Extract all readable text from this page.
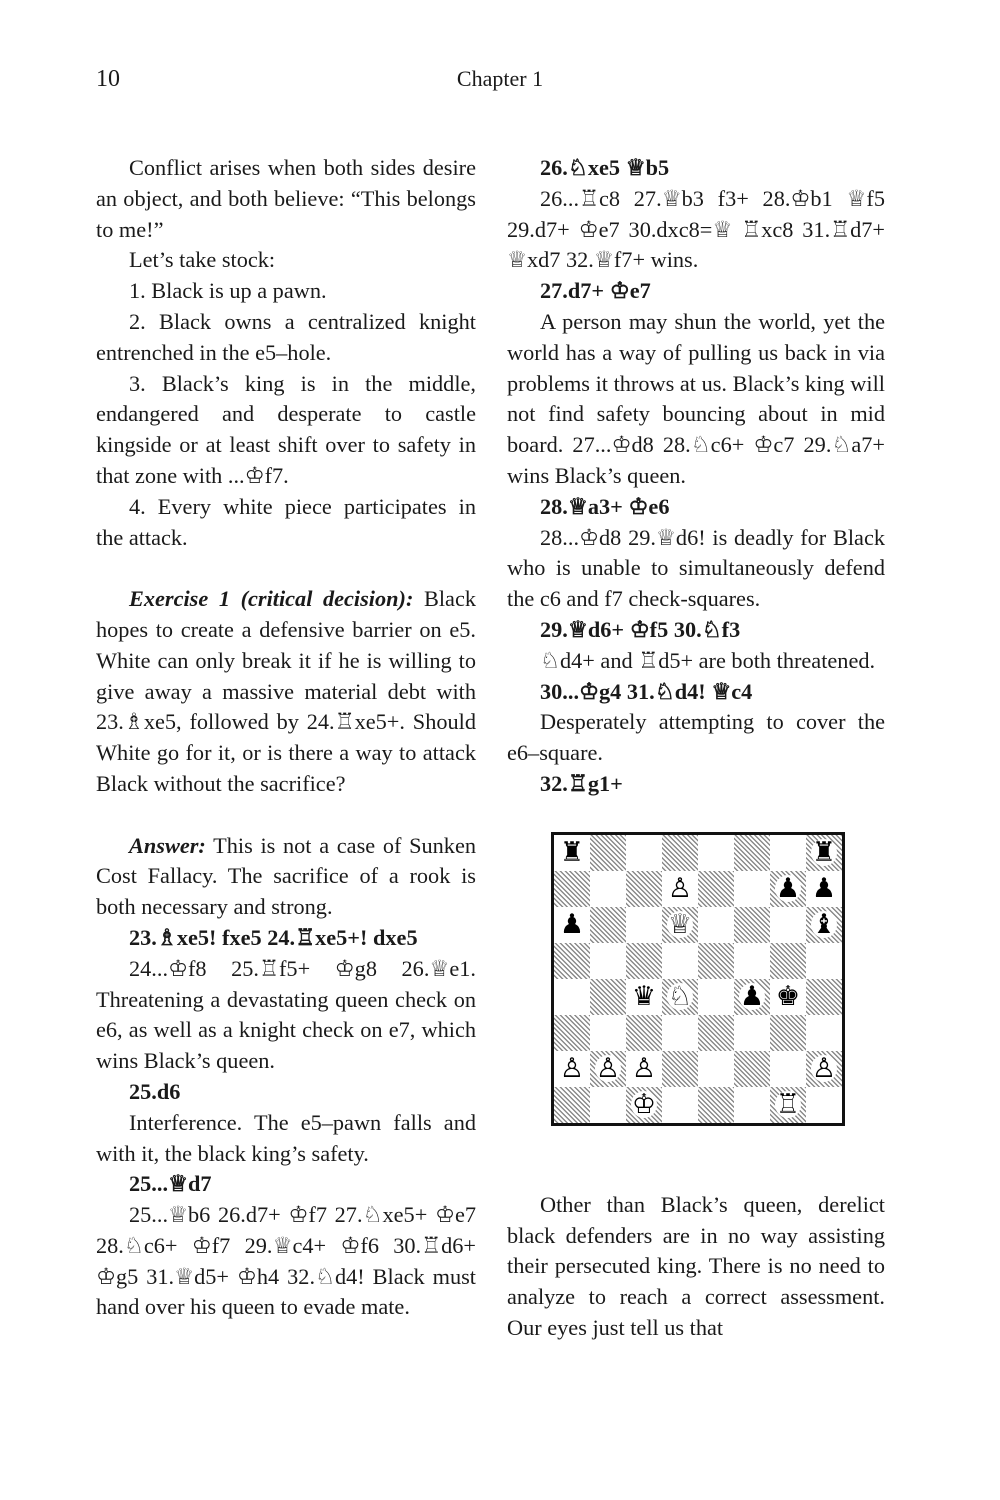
10	Chapter 1

Conflict arises when both sides desire an object, and both believe: “This belongs to me!”

Let’s take stock:

1. Black is up a pawn.

2. Black owns a centralized knight entrenched in the e5–hole.

3. Black’s king is in the middle, endangered and desperate to castle kingside or at least shift over to safety in that zone with ...♔f7.

4. Every white piece participates in the attack.

Exercise 1 (critical decision): Black hopes to create a defensive barrier on e5. White can only break it if he is willing to give away a massive material debt with 23.♗xe5, followed by 24.♖xe5+. Should White go for it, or is there a way to attack Black without the sacrifice?

Answer: This is not a case of Sunken Cost Fallacy. The sacrifice of a rook is both necessary and strong.

23.♗xe5! fxe5 24.♖xe5+! dxe5

24...♔f8 25.♖f5+ ♔g8 26.♕e1. Threatening a devastating queen check on e6, as well as a knight check on e7, which wins Black’s queen.

25.d6

Interference. The e5–pawn falls and with it, the black king’s safety.

25...♕d7

25...♕b6 26.d7+ ♔f7 27.♘xe5+ ♔e7 28.♘c6+ ♔f7 29.♕c4+ ♔f6 30.♖d6+ ♔g5 31.♕d5+ ♔h4 32.♘d4! Black must hand over his queen to evade mate.

26.♘xe5 ♕b5

26...♖c8 27.♕b3 f3+ 28.♔b1 ♕f5 29.d7+ ♔e7 30.dxc8=♕ ♖xc8 31.♖d7+ ♕xd7 32.♕f7+ wins.

27.d7+ ♔e7

A person may shun the world, yet the world has a way of pulling us back in via problems it throws at us. Black’s king will not find safety bouncing about in mid board. 27...♔d8 28.♘c6+ ♔c7 29.♘a7+ wins Black’s queen.

28.♕a3+ ♔e6

28...♔d8 29.♕d6! is deadly for Black who is unable to simultaneously defend the c6 and f7 check-squares.

29.♕d6+ ♔f5 30.♘f3

♘d4+ and ♖d5+ are both threatened.

30...♔g4 31.♘d4! ♕c4

Desperately attempting to cover the e6–square.

32.♖g1+

♜	♜
♙	♟ ♟
♟	♕	♝
♛ ♘ ♟ ♚
♙ ♙ ♙	♙
♔	♖

Other than Black’s queen, derelict black defenders are in no way assisting their persecuted king. There is no need to analyze to reach a correct assessment. Our eyes just tell us that
